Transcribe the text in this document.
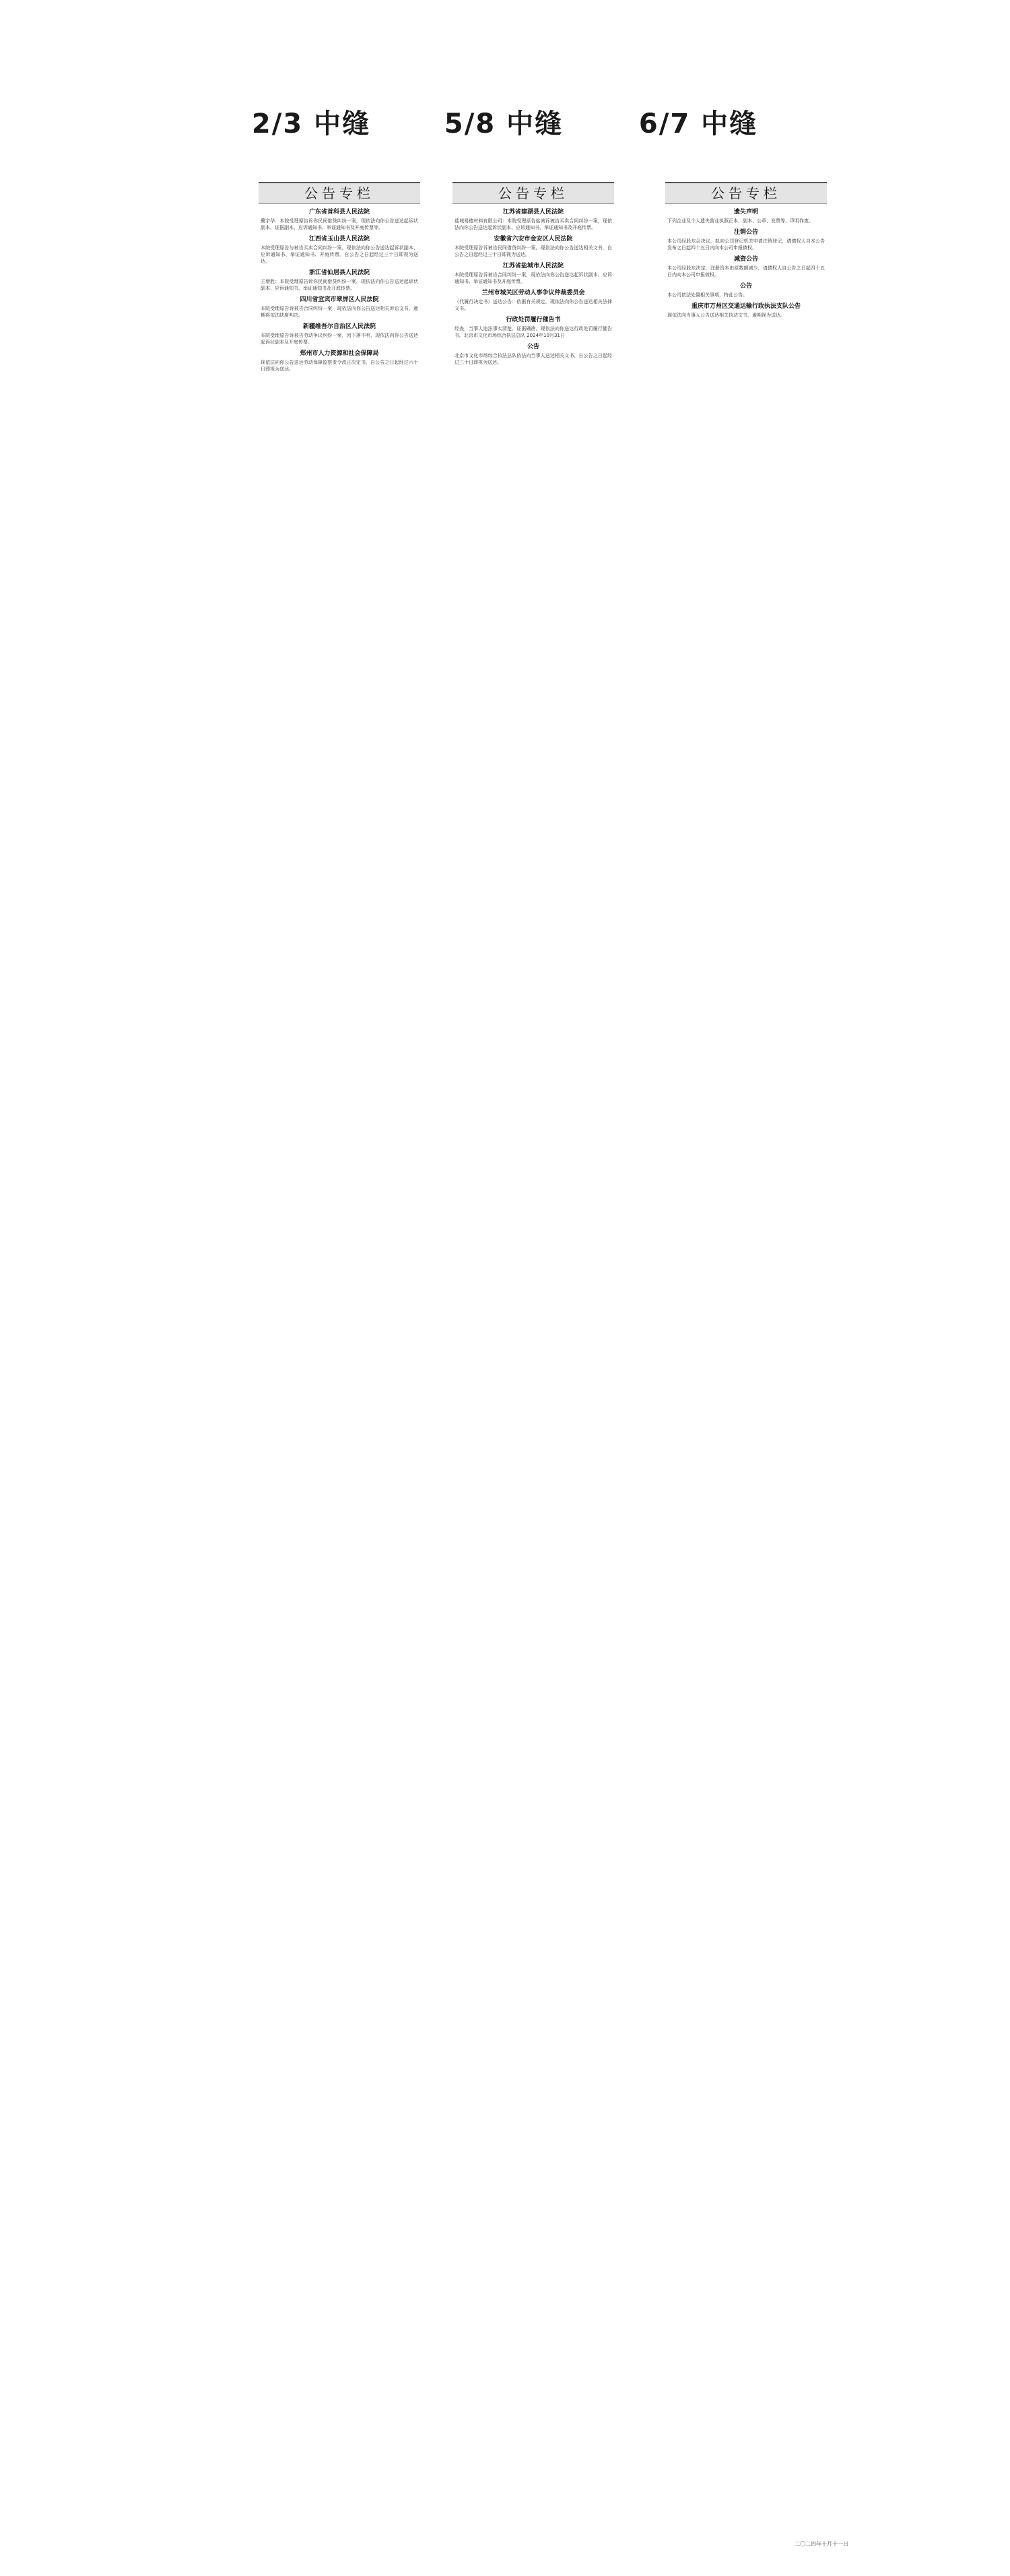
2/3 中缝	5/8 中缝	6/7 中缝
公告专栏
广东省首科县人民法院
冀宇华：本院受理原告诉你民间借贷纠纷一案，现依法向你公告送达起诉状副本、证据副本、应诉通知书、举证通知书及开庭传票等。
江西省玉山县人民法院
本院受理原告与被告买卖合同纠纷一案，现依法向你公告送达起诉状副本、应诉通知书、举证通知书、开庭传票。自公告之日起经过三十日即视为送达。
浙江省仙居县人民法院
王增胜：本院受理原告诉你民间借贷纠纷一案，现依法向你公告送达起诉状副本、应诉通知书、举证通知书及开庭传票。
四川省宜宾市翠屏区人民法院
本院受理原告诉被告合同纠纷一案，现依法向你公告送达相关诉讼文书，逾期将依法缺席判决。
新疆维吾尔自治区人民法院
本院受理原告诉被告劳动争议纠纷一案，因下落不明，现依法向你公告送达起诉状副本及开庭传票。
郑州市人力资源和社会保障局
现依法向你公告送达劳动保障监察责令改正决定书，自公告之日起经过六十日即视为送达。
公告专栏
江苏省建湖县人民法院
盐城易德材料有限公司：本院受理原告盐城诉被告买卖合同纠纷一案，现依法向你公告送达起诉状副本、应诉通知书、举证通知书及开庭传票。
安徽省六安市金安区人民法院
本院受理原告诉被告民间借贷纠纷一案，现依法向你公告送达相关文书，自公告之日起经过三十日即视为送达。
江苏省盐城市人民法院
本院受理原告诉被告合同纠纷一案，现依法向你公告送达起诉状副本、应诉通知书、举证通知书及开庭传票。
兰州市城关区劳动人事争议仲裁委员会
（代履行决定书）送达公告：依据有关规定，现依法向你公告送达相关法律文书。
行政处罚履行催告书
经查，当事人违法事实清楚，证据确凿，现依法向你送达行政处罚履行催告书。北京市文化市场综合执法总队 2024年10月31日
公告
北京市文化市场综合执法总队依法向当事人送达相关文书，自公告之日起经过三十日即视为送达。
公告专栏
遗失声明
下列企业及个人遗失营业执照正本、副本、公章、发票等，声明作废。
注销公告
本公司经股东会决议，拟向公司登记机关申请注销登记，请债权人自本公告发布之日起四十五日内向本公司申报债权。
减资公告
本公司经股东决定，注册资本由原数额减少，请债权人自公告之日起四十五日内向本公司申报债权。
公告
本公司依法处置相关事项，特此公告。
重庆市万州区交通运输行政执法支队公告
现依法向当事人公告送达相关执法文书，逾期视为送达。
二〇二四年十月十一日
